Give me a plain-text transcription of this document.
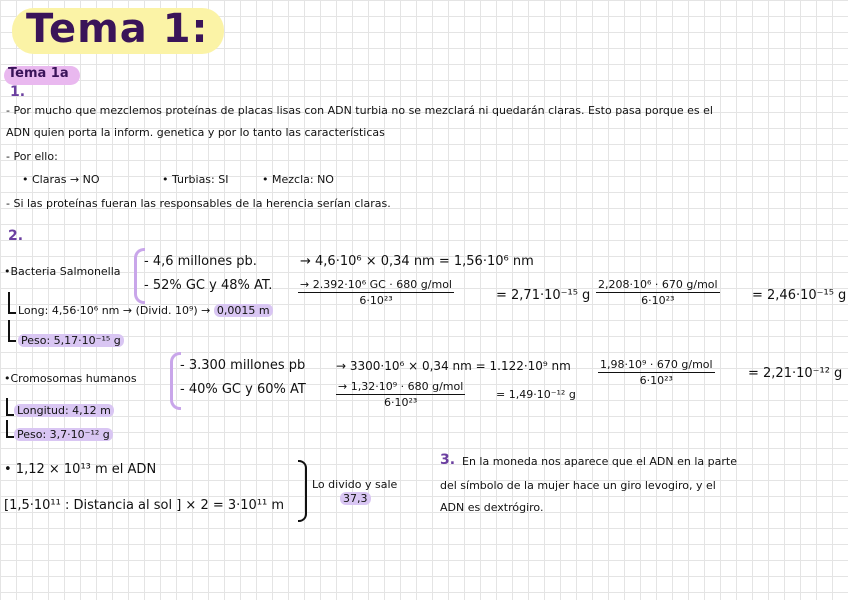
Tema 1:
Tema 1a
1.
- Por mucho que mezclemos proteínas de placas lisas con ADN turbia no se mezclará ni quedarán claras. Esto pasa porque es el
ADN quien porta la inform. genetica y por lo tanto las características
- Por ello:
• Claras → NO	• Turbias: SI	• Mezcla: NO
- Si las proteínas fueran las responsables de la herencia serían claras.
2.
•Bacteria Salmonella
- 4,6 millones pb.	→ 4,6·10⁶ × 0,34 nm = 1,56·10⁶ nm
- 52% GC y 48% AT.	→ 2.392·10⁶ GC · 680 g/mol
6·10²³	= 2,71·10⁻¹⁵ g
2,208·10⁶ · 670 g/mol
6·10²³	= 2,46·10⁻¹⁵ g
Long: 4,56·10⁶ nm → (Divid. 10⁹) → 0,0015 m
Peso: 5,17·10⁻¹⁵ g
•Cromosomas humanos
- 3.300 millones pb	→ 3300·10⁶ × 0,34 nm = 1.122·10⁹ nm	1,98·10⁹ · 670 g/mol
6·10²³	= 2,21·10⁻¹² g
- 40% GC y 60% AT	→ 1,32·10⁹ · 680 g/mol
6·10²³
= 1,49·10⁻¹² g
Longitud: 4,12 m
Peso: 3,7·10⁻¹² g
• 1,12 × 10¹³ m el ADN
[1,5·10¹¹ : Distancia al sol ] × 2 = 3·10¹¹ m
Lo divido y sale
37,3
3. En la moneda nos aparece que el ADN en la parte
del símbolo de la mujer hace un giro levogiro, y el
ADN es dextrógiro.
